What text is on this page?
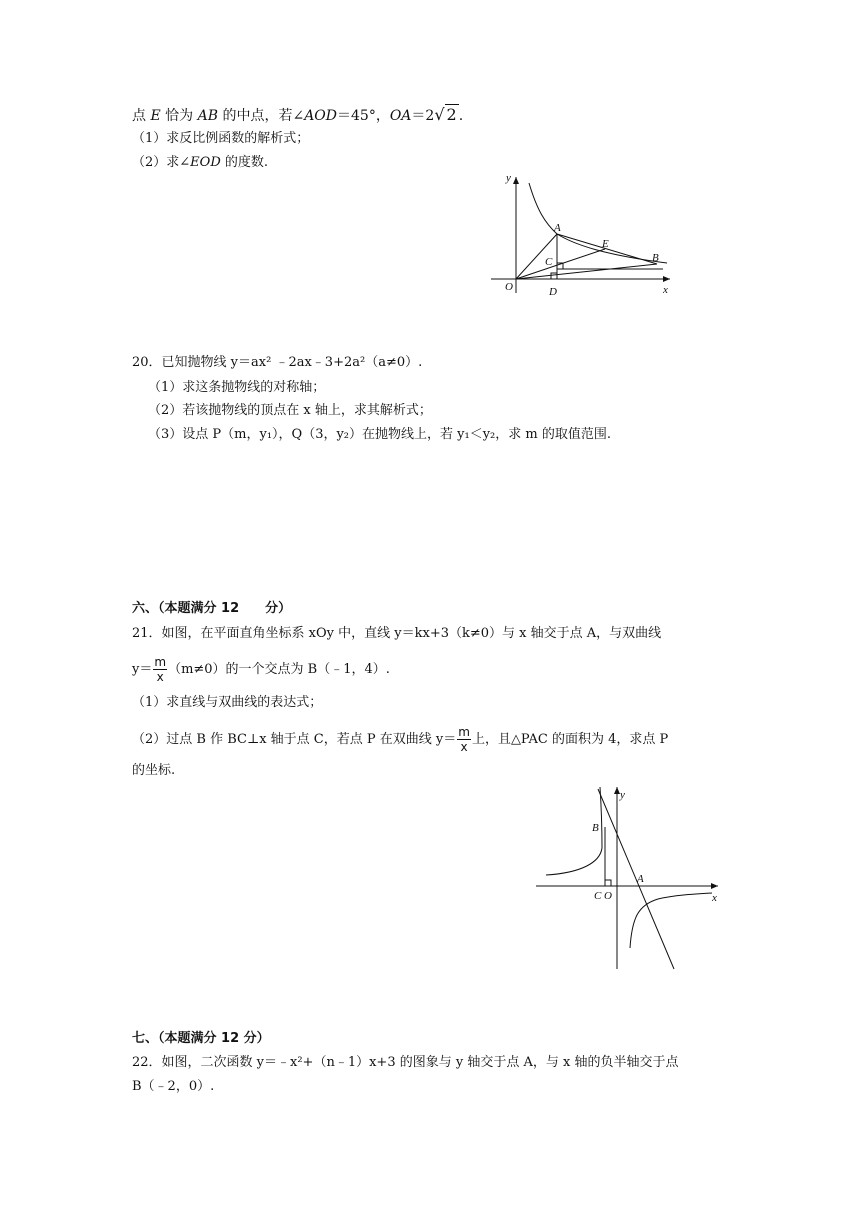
点 E 恰为 AB 的中点，若∠AOD＝45°，OA＝2√ 2 .
（1）求反比例函数的解析式；
（2）求∠EOD 的度数.
y
x
O
A
E
B
C
D
20．已知抛物线 y＝ax² ﹣2ax﹣3+2a²（a≠0）.
（1）求这条抛物线的对称轴；
（2）若该抛物线的顶点在 x 轴上，求其解析式；
（3）设点 P（m，y₁），Q（3，y₂）在抛物线上，若 y₁＜y₂，求 m 的取值范围.
六、（本题满分 12　　分）
21．如图，在平面直角坐标系 xOy 中，直线 y＝kx+3（k≠0）与 x 轴交于点 A，与双曲线
$y= \frac{m}{x} (m\ne 0)$的一个交点为 B（﹣1，4）.
（1）求直线与双曲线的表达式；
（2）过点 B 作 BC⊥x 轴于点 C，若点 P 在双曲线 $y= \frac{m}{x}$ 上，且△PAC 的面积为 4，求点 P
的坐标.
y
x
B
A
C O
七、（本题满分 12 分）
22．如图，二次函数 y＝﹣x²+（n﹣1）x+3 的图象与 y 轴交于点 A，与 x 轴的负半轴交于点
B（﹣2，0）.
